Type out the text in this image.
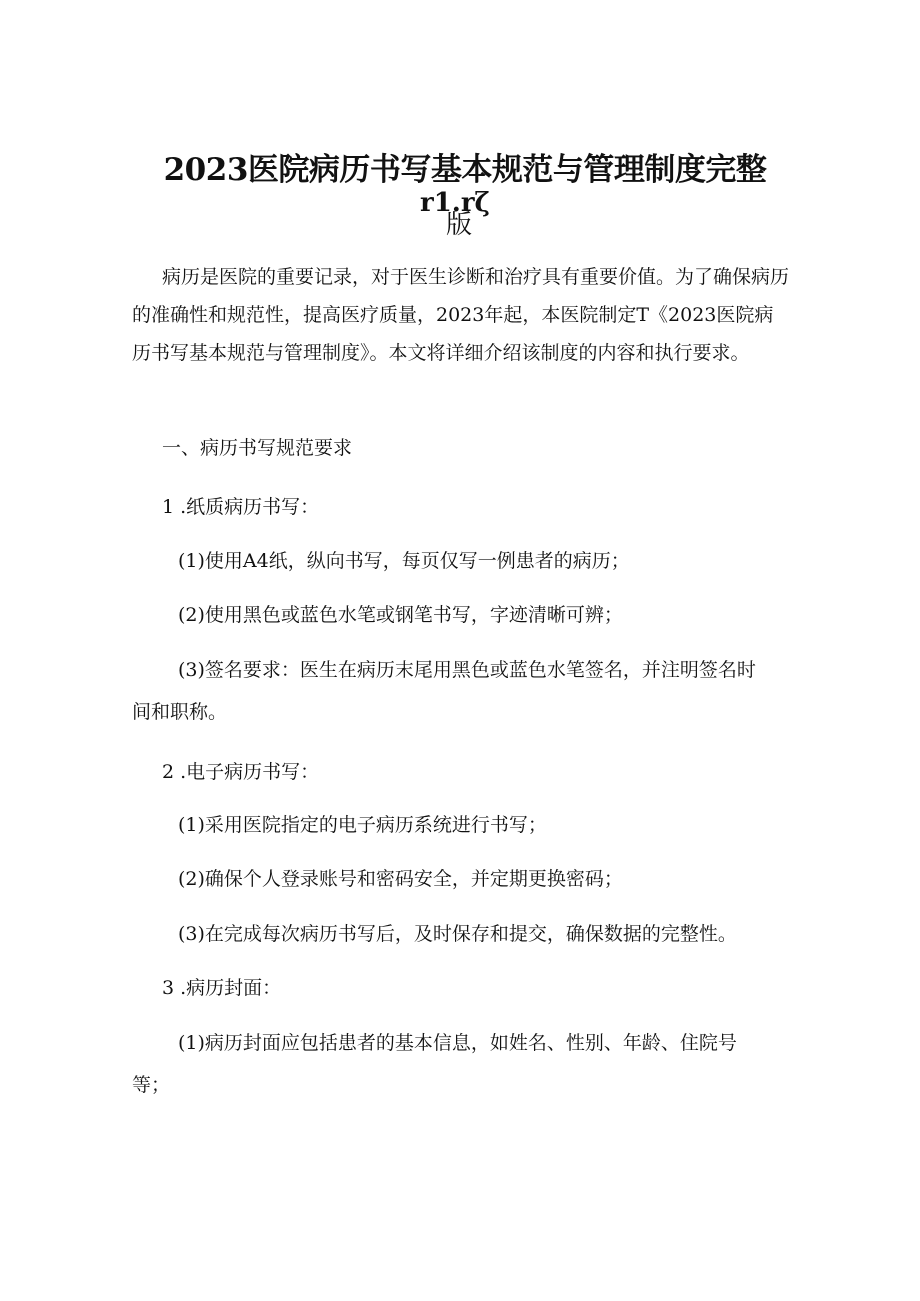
2023医院病历书写基本规范与管理制度完整
r1.rζ
版

病历是医院的重要记录，对于医生诊断和治疗具有重要价值。为了确保病历的准确性和规范性，提高医疗质量，2023年起，本医院制定T《2023医院病历书写基本规范与管理制度》。本文将详细介绍该制度的内容和执行要求。

一、病历书写规范要求

1 .纸质病历书写：

(1)使用A4纸，纵向书写，每页仅写一例患者的病历；

(2)使用黑色或蓝色水笔或钢笔书写，字迹清晰可辨；

(3)签名要求：医生在病历末尾用黑色或蓝色水笔签名，并注明签名时

间和职称。

2 .电子病历书写：

(1)采用医院指定的电子病历系统进行书写；

(2)确保个人登录账号和密码安全，并定期更换密码；

(3)在完成每次病历书写后，及时保存和提交，确保数据的完整性。

3 .病历封面：

(1)病历封面应包括患者的基本信息，如姓名、性别、年龄、住院号

等；
